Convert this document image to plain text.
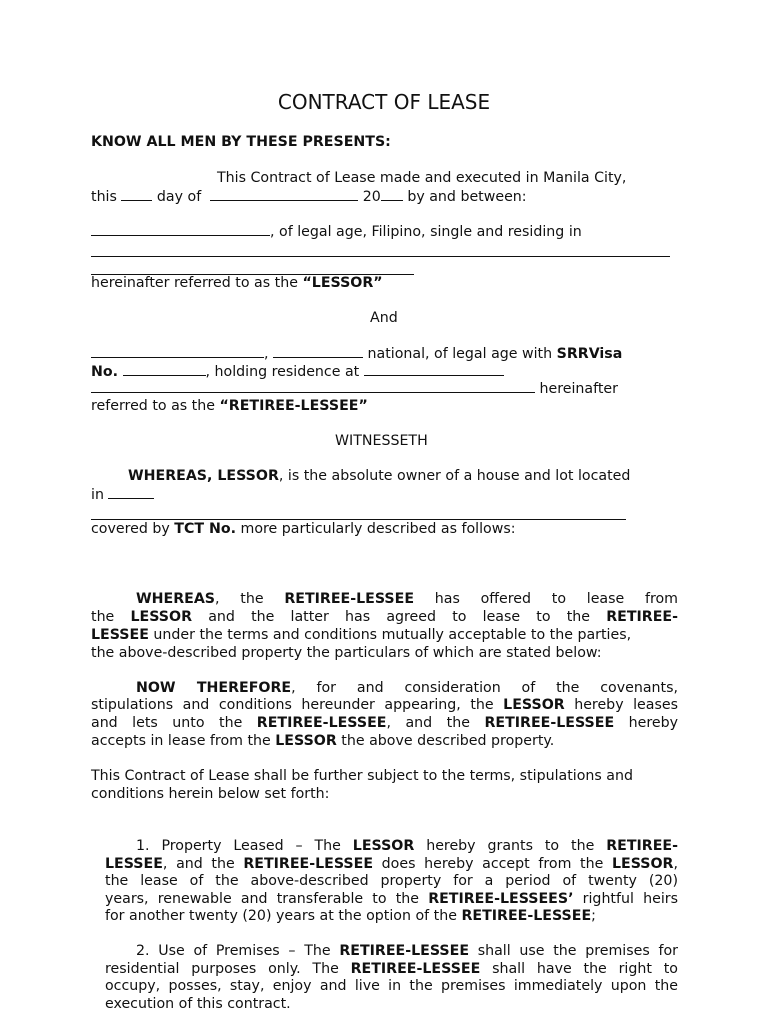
CONTRACT OF LEASE
KNOW ALL MEN BY THESE PRESENTS:
This Contract of Lease made and executed in Manila City,
this	day of	20 by and between:
, of legal age, Filipino, single and residing in
hereinafter referred to as the “LESSOR”
And
,	national, of legal age with SRRVisa
No.	, holding residence at
hereinafter
referred to as the “RETIREE-LESSEE”
WITNESSETH
WHEREAS, LESSOR, is the absolute owner of a house and lot located
in
covered by TCT No. more particularly described as follows:
WHEREAS, the RETIREE-LESSEE has offered to lease from
the LESSOR and the latter has agreed to lease to the RETIREE-
LESSEE under the terms and conditions mutually acceptable to the parties,
the above-described property the particulars of which are stated below:
NOW THEREFORE, for and consideration of the covenants,
stipulations and conditions hereunder appearing, the LESSOR hereby leases
and lets unto the RETIREE-LESSEE, and the RETIREE-LESSEE hereby
accepts in lease from the LESSOR the above described property.
This Contract of Lease shall be further subject to the terms, stipulations and
conditions herein below set forth:
1. Property Leased – The LESSOR hereby grants to the RETIREE-
LESSEE, and the RETIREE-LESSEE does hereby accept from the LESSOR,
the lease of the above-described property for a period of twenty (20)
years, renewable and transferable to the RETIREE-LESSEES’ rightful heirs
for another twenty (20) years at the option of the RETIREE-LESSEE;
2. Use of Premises – The RETIREE-LESSEE shall use the premises for
residential purposes only. The RETIREE-LESSEE shall have the right to
occupy, posses, stay, enjoy and live in the premises immediately upon the
execution of this contract.
